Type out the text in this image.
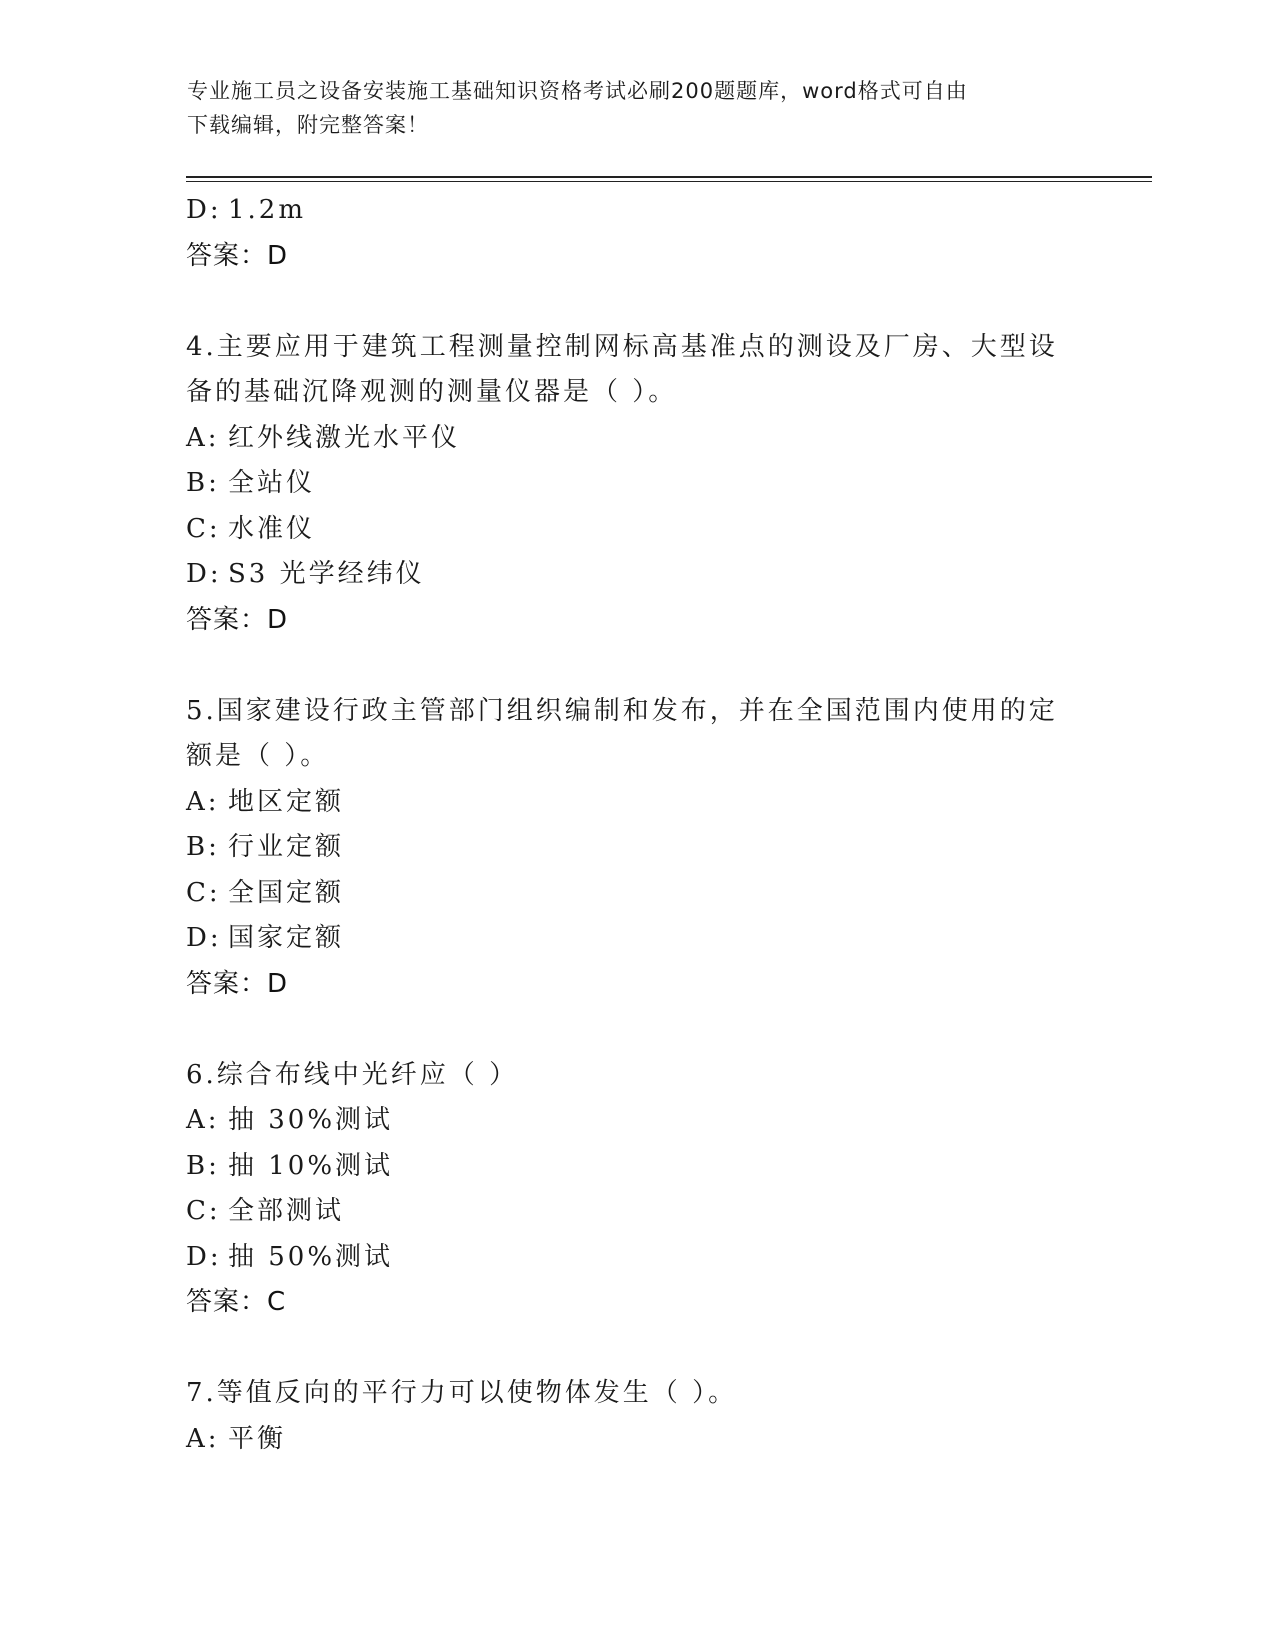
专业施工员之设备安装施工基础知识资格考试必刷200题题库，word格式可自由
下载编辑，附完整答案！
D: 1.2m
答案：D
4.主要应用于建筑工程测量控制网标高基准点的测设及厂房、大型设
备的基础沉降观测的测量仪器是（ ）。
A: 红外线激光水平仪
B: 全站仪
C: 水准仪
D: S3 光学经纬仪
答案：D
5.国家建设行政主管部门组织编制和发布，并在全国范围内使用的定
额是（ ）。
A: 地区定额
B: 行业定额
C: 全国定额
D: 国家定额
答案：D
6.综合布线中光纤应（ ）
A: 抽 30%测试
B: 抽 10%测试
C: 全部测试
D: 抽 50%测试
答案：C
7.等值反向的平行力可以使物体发生（ ）。
A: 平衡
